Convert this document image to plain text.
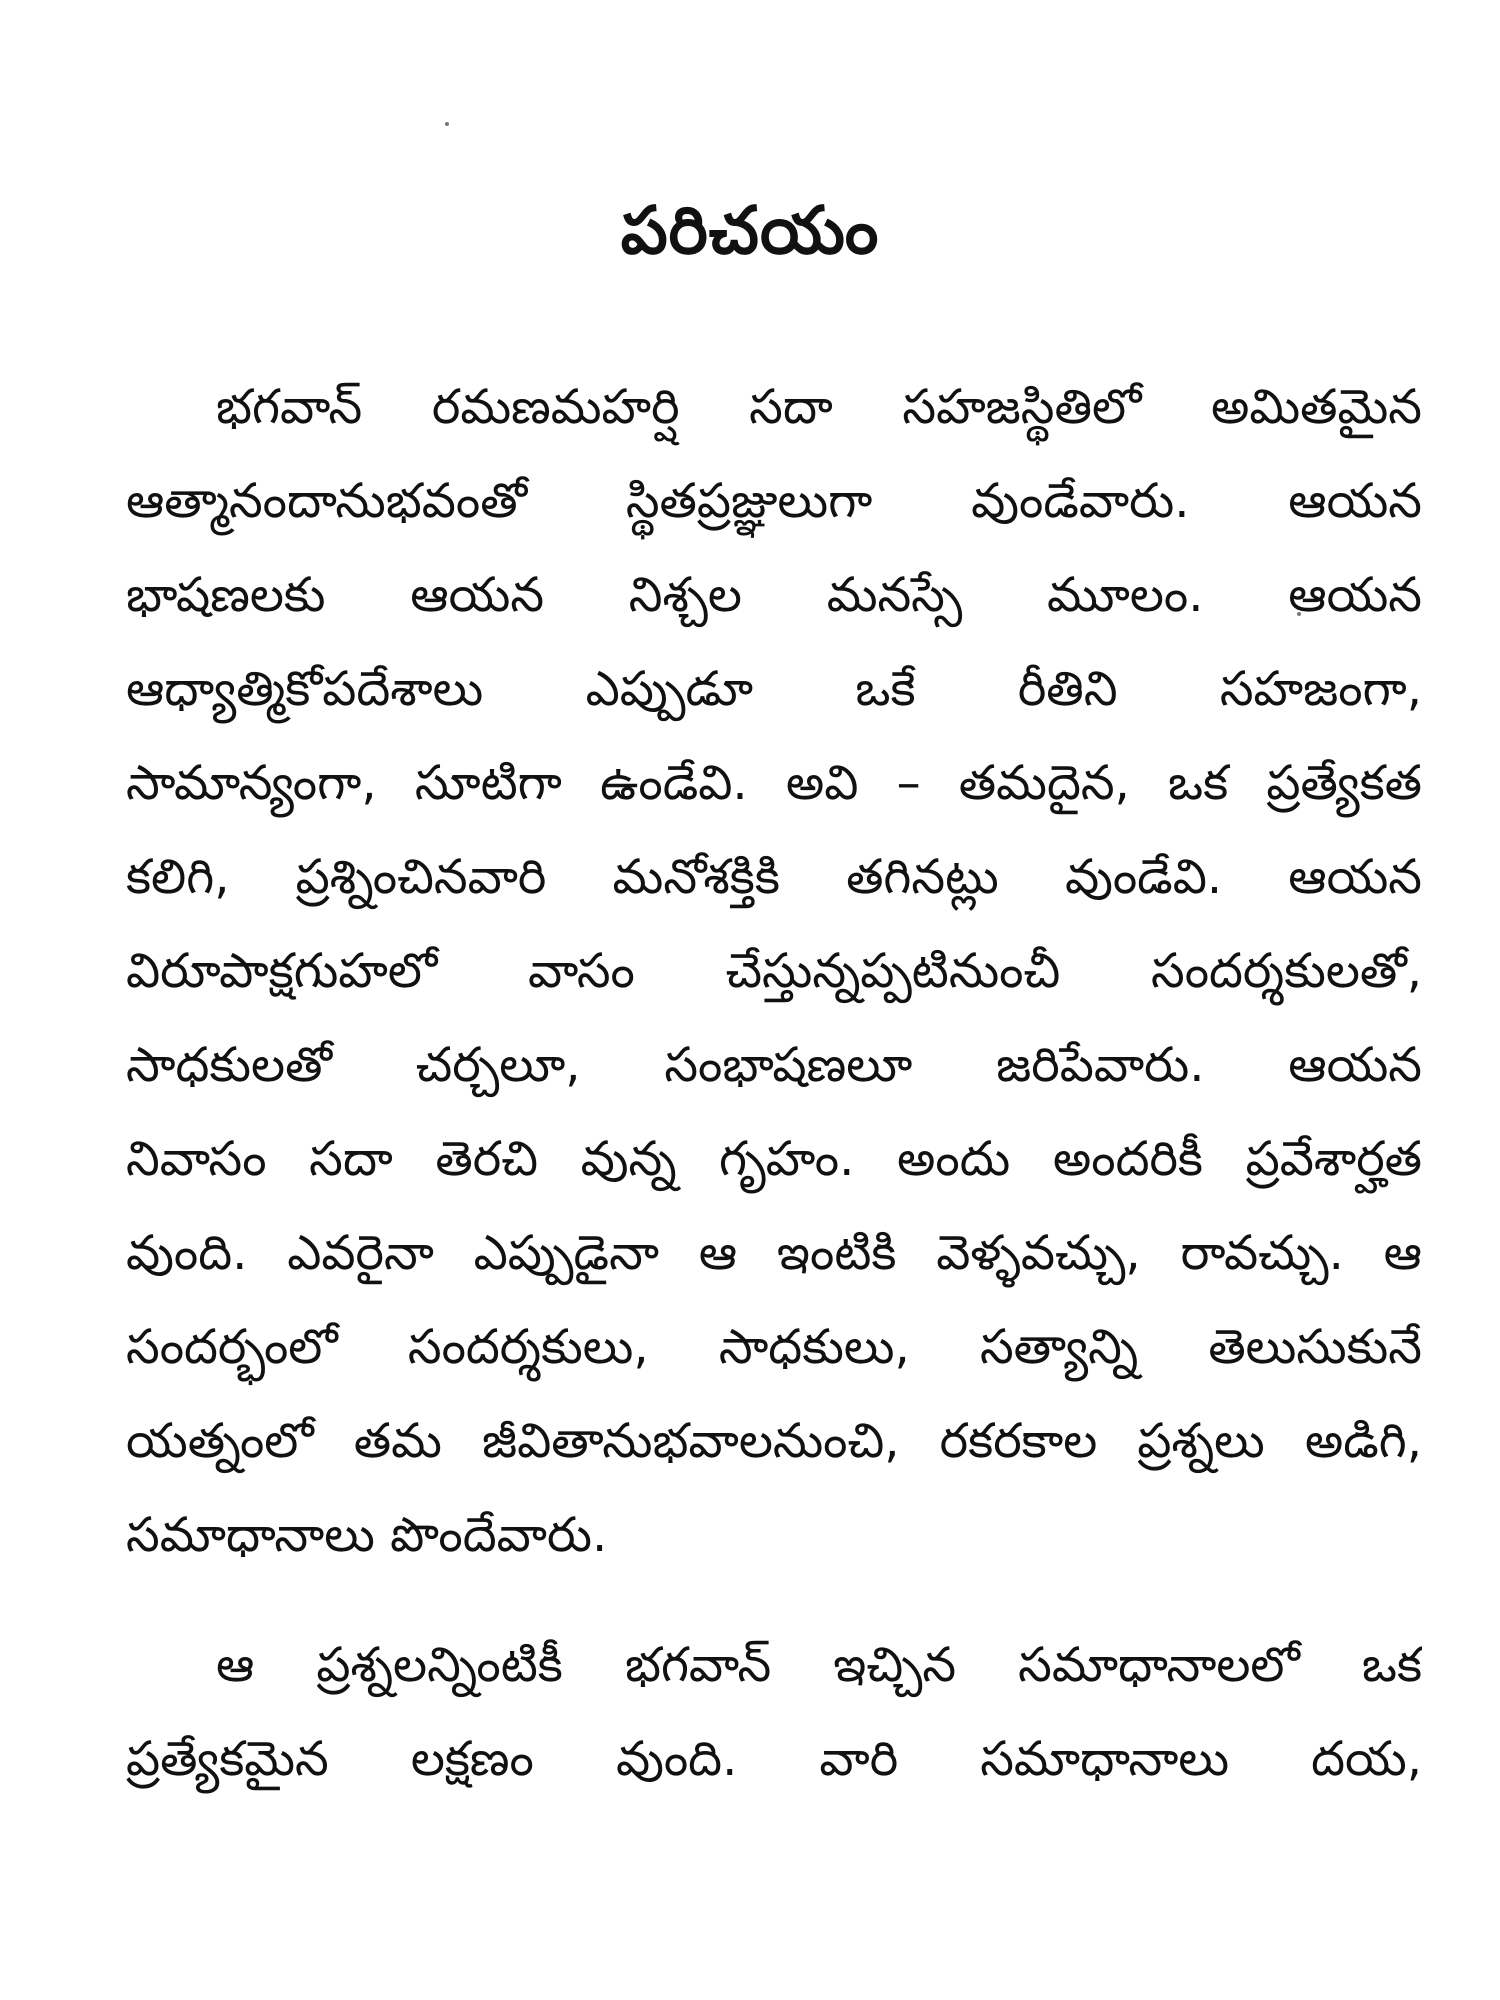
పరిచయం
భగవాన్ రమణమహర్షి సదా సహజస్థితిలో అమితమైన
ఆత్మానందానుభవంతో స్థితప్రజ్ఞులుగా వుండేవారు. ఆయన
భాషణలకు ఆయన నిశ్చల మనస్సే మూలం. ఆయన
ఆధ్యాత్మికోపదేశాలు ఎప్పుడూ ఒకే రీతిని సహజంగా,
సామాన్యంగా, సూటిగా ఉండేవి. అవి – తమదైన, ఒక ప్రత్యేకత
కలిగి, ప్రశ్నించినవారి మనోశక్తికి తగినట్లు వుండేవి. ఆయన
విరూపాక్షగుహలో వాసం చేస్తున్నప్పటినుంచీ సందర్శకులతో,
సాధకులతో చర్చలూ, సంభాషణలూ జరిపేవారు. ఆయన
నివాసం సదా తెరచి వున్న గృహం. అందు అందరికీ ప్రవేశార్హత
వుంది. ఎవరైనా ఎప్పుడైనా ఆ ఇంటికి వెళ్ళవచ్చు, రావచ్చు. ఆ
సందర్భంలో సందర్శకులు, సాధకులు, సత్యాన్ని తెలుసుకునే
యత్నంలో తమ జీవితానుభవాలనుంచి, రకరకాల ప్రశ్నలు అడిగి,
సమాధానాలు పొందేవారు.
ఆ ప్రశ్నలన్నింటికీ భగవాన్ ఇచ్చిన సమాధానాలలో ఒక
ప్రత్యేకమైన లక్షణం వుంది. వారి సమాధానాలు దయ,
